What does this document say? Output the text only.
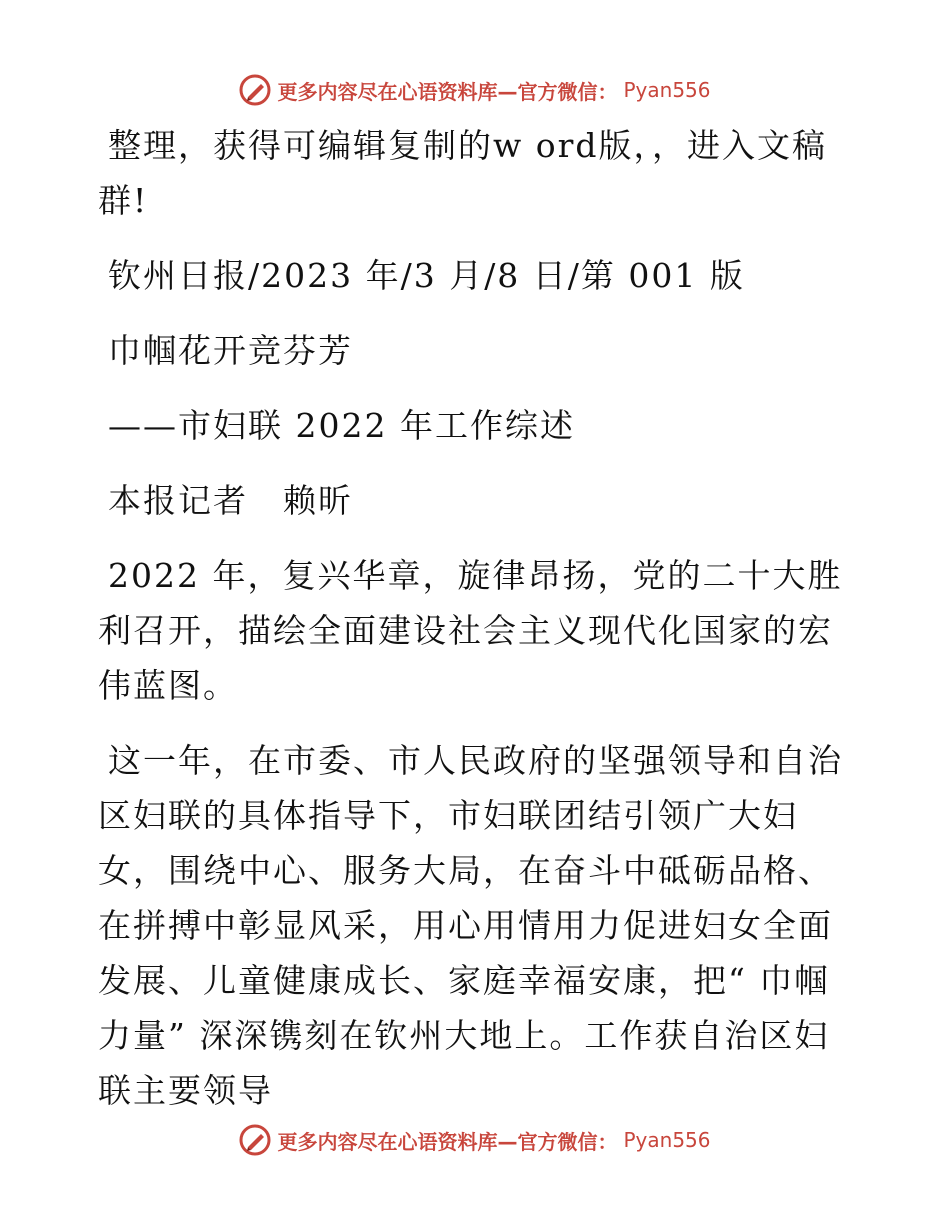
更多内容尽在心语资料库—官方微信： Pyan556

整理，获得可编辑复制的w ord版，，进入文稿群!

钦州日报/2023 年/3 月/8 日/第 001 版

巾帼花开竞芬芳

——市妇联 2022 年工作综述

本报记者　赖昕

2022 年，复兴华章，旋律昂扬，党的二十大胜利召开，描绘全面建设社会主义现代化国家的宏伟蓝图。

这一年，在市委、市人民政府的坚强领导和自治区妇联的具体指导下，市妇联团结引领广大妇女，围绕中心、服务大局，在奋斗中砥砺品格、在拼搏中彰显风采，用心用情用力促进妇女全面发展、儿童健康成长、家庭幸福安康，把“ 巾帼力量” 深深镌刻在钦州大地上。工作获自治区妇联主要领导

更多内容尽在心语资料库—官方微信： Pyan556
